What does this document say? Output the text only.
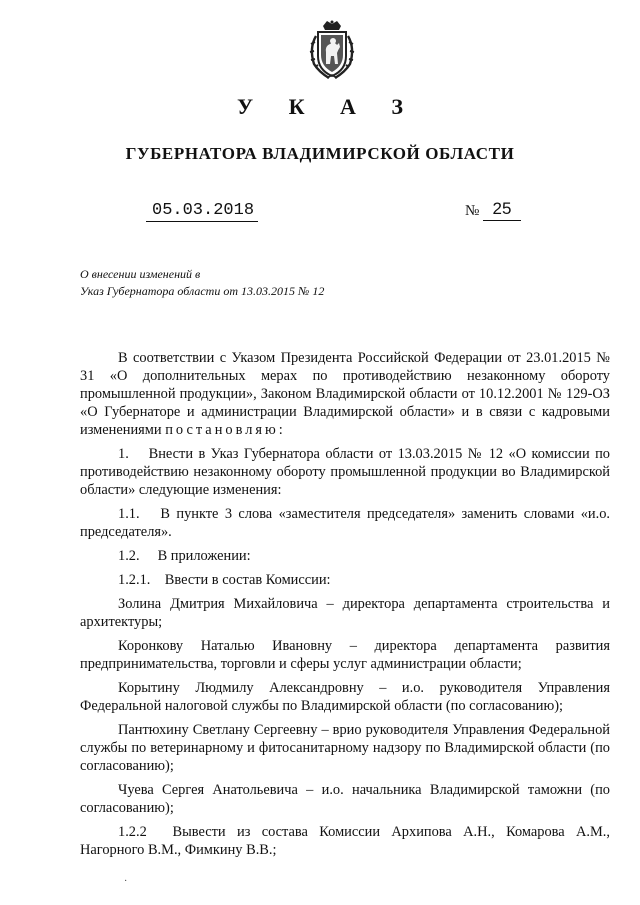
У К А З
ГУБЕРНАТОРА ВЛАДИМИРСКОЙ ОБЛАСТИ
05.03.2018	№ 25
О внесении изменений в
Указ Губернатора области от 13.03.2015 № 12

В соответствии с Указом Президента Российской Федерации от 23.01.2015 № 31 «О дополнительных мерах по противодействию незаконному обороту промышленной продукции», Законом Владимирской области от 10.12.2001 № 129-ОЗ «О Губернаторе и администрации Владимирской области» и в связи с кадровыми изменениями постановляю:

1.  Внести в Указ Губернатора области от 13.03.2015 № 12 «О комиссии по противодействию незаконному обороту промышленной продукции во Владимирской области» следующие изменения:

1.1.  В пункте 3 слова «заместителя председателя» заменить словами «и.о. председателя».

1.2.  В приложении:

1.2.1. Ввести в состав Комиссии:

Золина Дмитрия Михайловича – директора департамента строительства и архитектуры;

Коронкову Наталью Ивановну – директора департамента развития предпринимательства, торговли и сферы услуг администрации области;

Корытину Людмилу Александровну – и.о. руководителя Управления Федеральной налоговой службы по Владимирской области (по согласованию);

Пантюхину Светлану Сергеевну – врио руководителя Управления Федеральной службы по ветеринарному и фитосанитарному надзору по Владимирской области (по согласованию);

Чуева Сергея Анатольевича – и.о. начальника Владимирской таможни (по согласованию);

1.2.2  Вывести из состава Комиссии Архипова А.Н., Комарова А.М., Нагорного В.М., Фимкину В.В.;

·
